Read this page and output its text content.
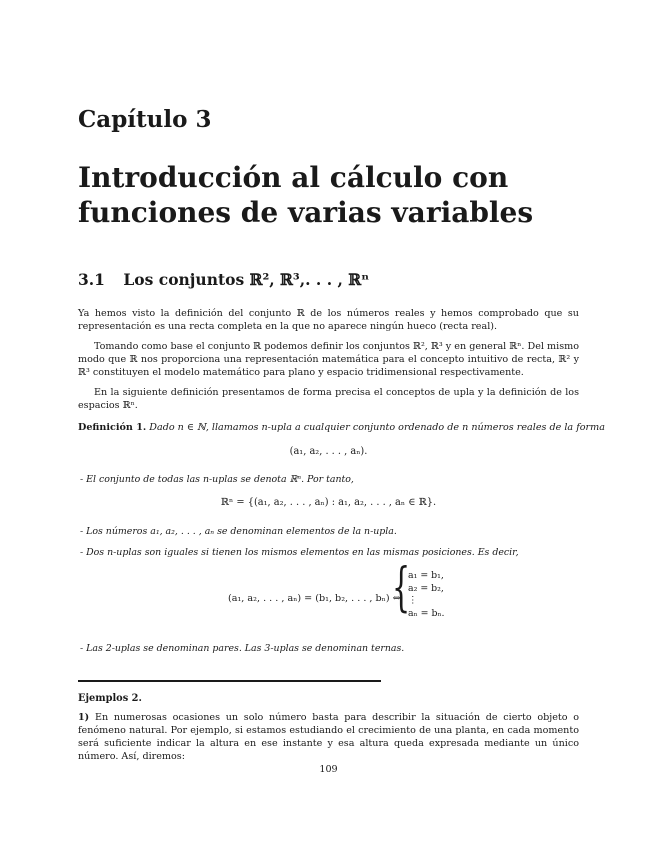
Capítulo 3
Introducción al cálculo con funciones de varias variables
3.1 Los conjuntos ℝ², ℝ³,. . . , ℝⁿ
Ya hemos visto la definición del conjunto ℝ de los números reales y hemos comprobado que su representación es una recta completa en la que no aparece ningún hueco (recta real).
Tomando como base el conjunto ℝ podemos definir los conjuntos ℝ², ℝ³ y en general ℝⁿ. Del mismo modo que ℝ nos proporciona una representación matemática para el concepto intuitivo de recta, ℝ² y ℝ³ constituyen el modelo matemático para plano y espacio tridimensional respectivamente.
En la siguiente definición presentamos de forma precisa el conceptos de upla y la definición de los espacios ℝⁿ.
Definición 1. Dado n ∈ ℕ, llamamos n-upla a cualquier conjunto ordenado de n números reales de la forma
(a₁, a₂, . . . , aₙ).
- El conjunto de todas las n-uplas se denota ℝⁿ. Por tanto,
ℝⁿ = {(a₁, a₂, . . . , aₙ) : a₁, a₂, . . . , aₙ ∈ ℝ}.
- Los números a₁, a₂, . . . , aₙ se denominan elementos de la n-upla.
- Dos n-uplas son iguales si tienen los mismos elementos en las mismas posiciones. Es decir,
(a₁, a₂, . . . , aₙ) = (b₁, b₂, . . . , bₙ) ⇔
{
a₁ = b₁,
a₂ = b₂,
⋮
aₙ = bₙ.
- Las 2-uplas se denominan pares. Las 3-uplas se denominan ternas.
Ejemplos 2.
1) En numerosas ocasiones un solo número basta para describir la situación de cierto objeto o fenómeno natural. Por ejemplo, si estamos estudiando el crecimiento de una planta, en cada momento será suficiente indicar la altura en ese instante y esa altura queda expresada mediante un único número. Así, diremos:
109
